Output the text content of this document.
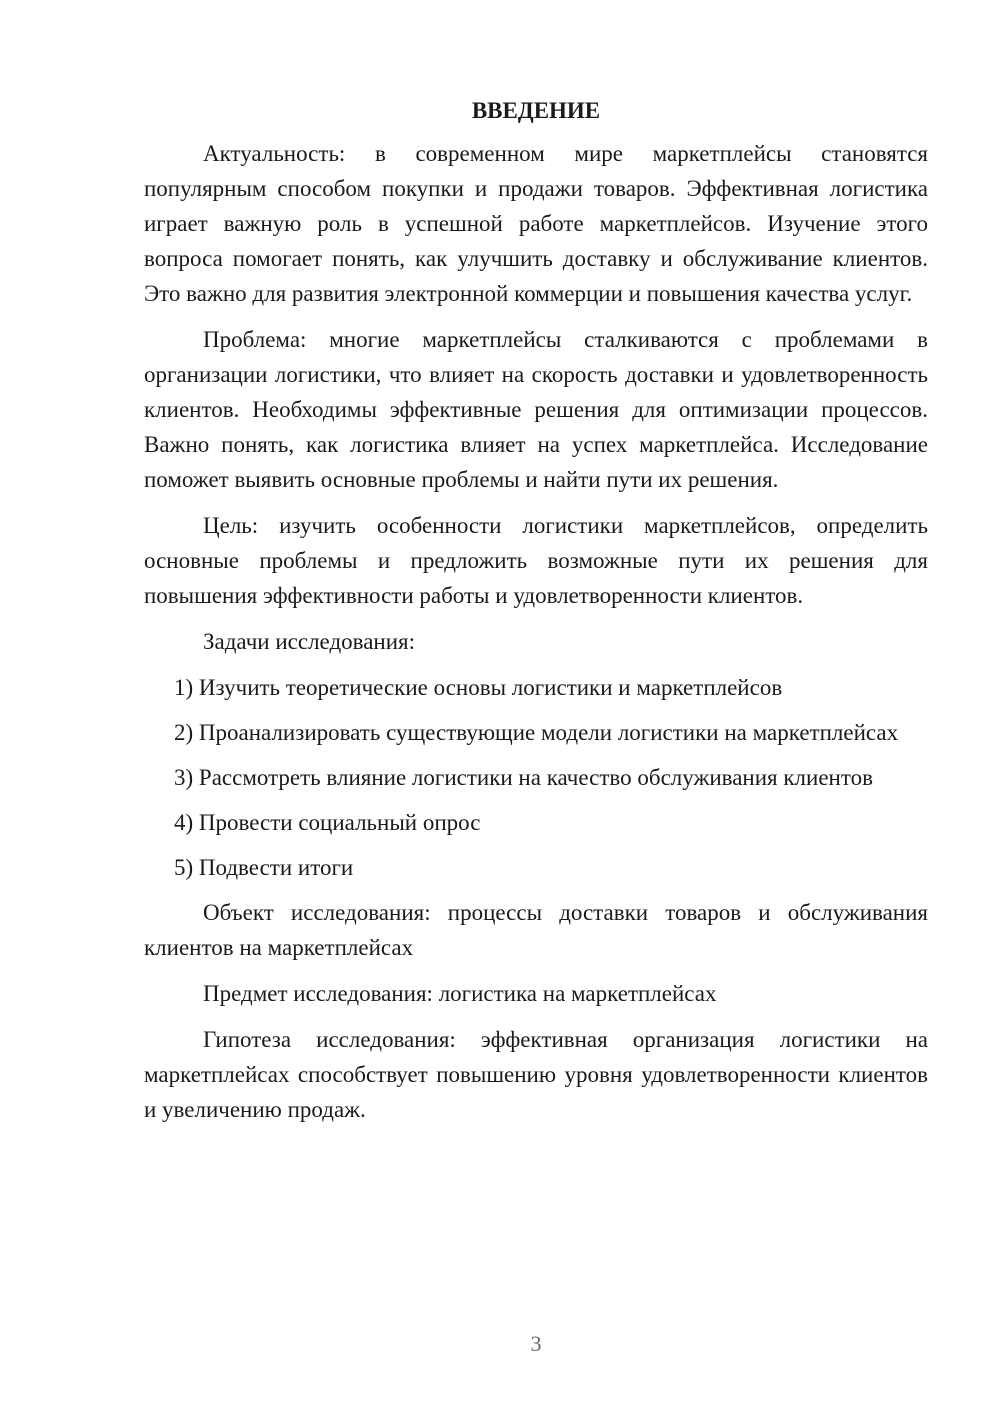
ВВЕДЕНИЕ

Актуальность: в современном мире маркетплейсы становятся популярным способом покупки и продажи товаров. Эффективная логистика играет важную роль в успешной работе маркетплейсов. Изучение этого вопроса помогает понять, как улучшить доставку и обслуживание клиентов. Это важно для развития электронной коммерции и повышения качества услуг.

Проблема: многие маркетплейсы сталкиваются с проблемами в организации логистики, что влияет на скорость доставки и удовлетворенность клиентов. Необходимы эффективные решения для оптимизации процессов. Важно понять, как логистика влияет на успех маркетплейса. Исследование поможет выявить основные проблемы и найти пути их решения.

Цель: изучить особенности логистики маркетплейсов, определить основные проблемы и предложить возможные пути их решения для повышения эффективности работы и удовлетворенности клиентов.

Задачи исследования:

1) Изучить теоретические основы логистики и маркетплейсов

2) Проанализировать существующие модели логистики на маркетплейсах

3) Рассмотреть влияние логистики на качество обслуживания клиентов

4) Провести социальный опрос

5) Подвести итоги

Объект исследования: процессы доставки товаров и обслуживания клиентов на маркетплейсах

Предмет исследования: логистика на маркетплейсах

Гипотеза исследования: эффективная организация логистики на маркетплейсах способствует повышению уровня удовлетворенности клиентов и увеличению продаж.

3
